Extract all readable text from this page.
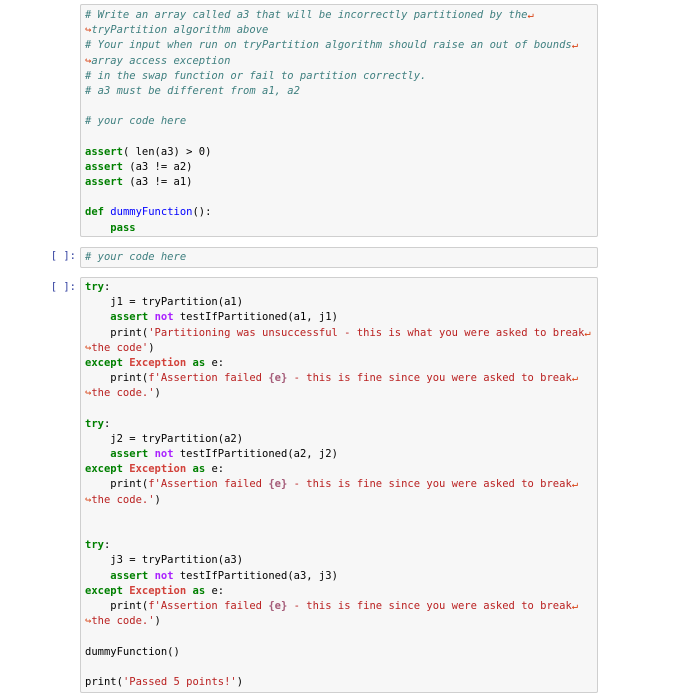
# Write an array called a3 that will be incorrectly partitioned by the↵
↪tryPartition algorithm above
# Your input when run on tryPartition algorithm should raise an out of bounds↵
↪array access exception
# in the swap function or fail to partition correctly.
# a3 must be different from a1, a2

# your code here

assert( len(a3) > 0)
assert (a3 != a2)
assert (a3 != a1)

def dummyFunction():
pass
[ ]: # your code here
[ ]: try:
j1 = tryPartition(a1)
assert not testIfPartitioned(a1, j1)
print('Partitioning was unsuccessful - this is what you were asked to break↵
↪the code')
except Exception as e:
print(f'Assertion failed {e} - this is fine since you were asked to break↵
↪the code.')

try:
j2 = tryPartition(a2)
assert not testIfPartitioned(a2, j2)
except Exception as e:
print(f'Assertion failed {e} - this is fine since you were asked to break↵
↪the code.')

try:
j3 = tryPartition(a3)
assert not testIfPartitioned(a3, j3)
except Exception as e:
print(f'Assertion failed {e} - this is fine since you were asked to break↵
↪the code.')

dummyFunction()

print('Passed 5 points!')
